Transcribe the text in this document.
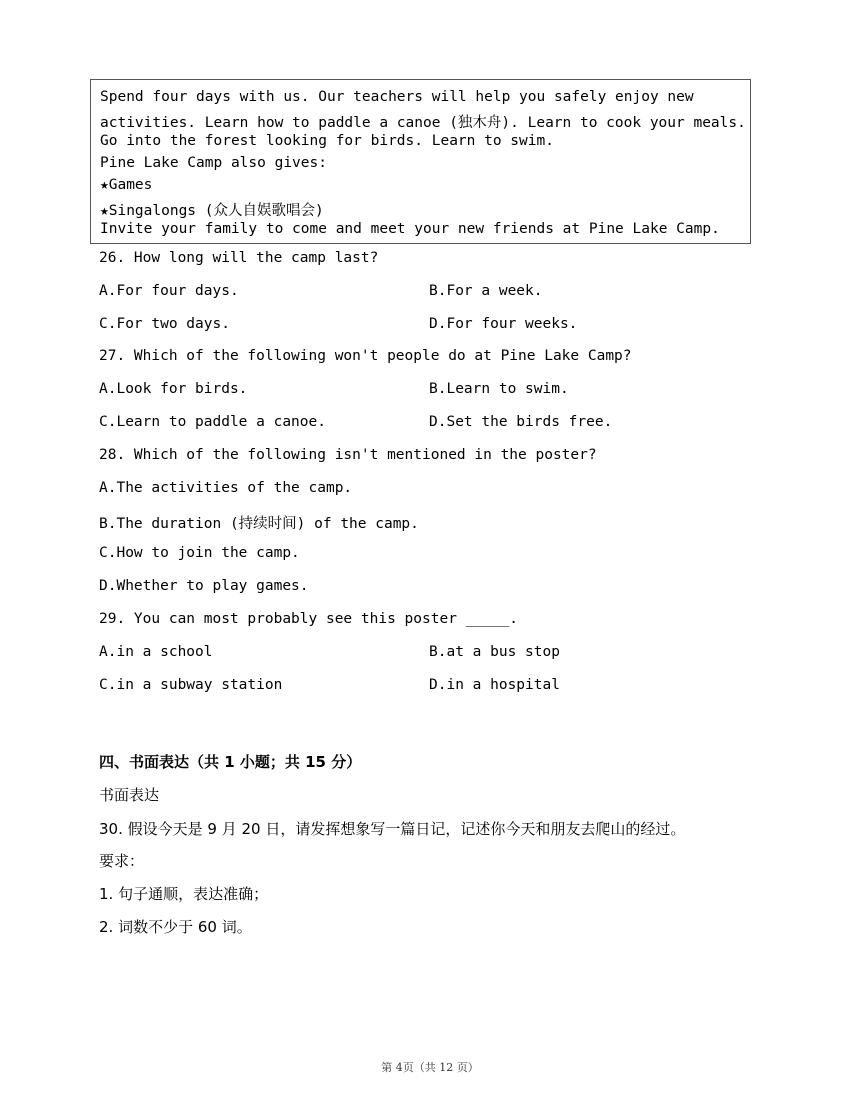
Spend four days with us. Our teachers will help you safely enjoy new
activities. Learn how to paddle a canoe (独木舟). Learn to cook your meals.
Go into the forest looking for birds. Learn to swim.
Pine Lake Camp also gives:
★Games
★Singalongs (众人自娱歌唱会)
Invite your family to come and meet your new friends at Pine Lake Camp.
26. How long will the camp last?
A.For four days.	B.For a week.
C.For two days.	D.For four weeks.
27. Which of the following won't people do at Pine Lake Camp?
A.Look for birds.	B.Learn to swim.
C.Learn to paddle a canoe.	D.Set the birds free.
28. Which of the following isn't mentioned in the poster?
A.The activities of the camp.
B.The duration (持续时间) of the camp.
C.How to join the camp.
D.Whether to play games.
29. You can most probably see this poster _____.
A.in a school	B.at a bus stop
C.in a subway station	D.in a hospital
四、书面表达（共 1 小题；共 15 分）
书面表达
30. 假设今天是 9 月 20 日，请发挥想象写一篇日记，记述你今天和朋友去爬山的经过。
要求：
1. 句子通顺，表达准确；
2. 词数不少于 60 词。
第 4页（共 12 页）
